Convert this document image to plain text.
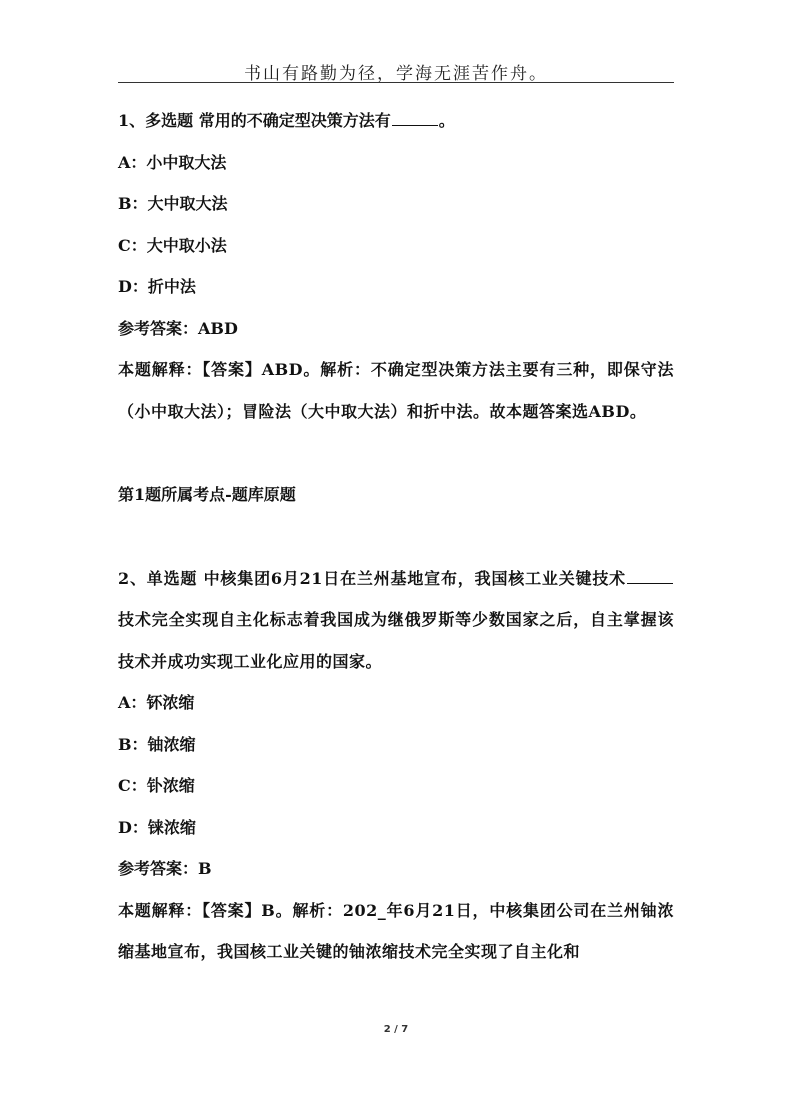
书山有路勤为径，学海无涯苦作舟。
1、多选题 常用的不确定型决策方法有	。
A：小中取大法
B：大中取大法
C：大中取小法
D：折中法
参考答案：ABD
本题解释：【答案】ABD。解析：不确定型决策方法主要有三种，即保守法（小中取大法）；冒险法（大中取大法）和折中法。故本题答案选ABD。
第1题所属考点-题库原题
2、单选题 中核集团6月21日在兰州基地宣布，我国核工业关键技术技术完全实现自主化标志着我国成为继俄罗斯等少数国家之后，自主掌握该技术并成功实现工业化应用的国家。
A：钚浓缩
B：铀浓缩
C：钋浓缩
D：铼浓缩
参考答案：B
本题解释：【答案】B。解析：202_年6月21日，中核集团公司在兰州铀浓缩基地宣布，我国核工业关键的铀浓缩技术完全实现了自主化和
2 / 7
